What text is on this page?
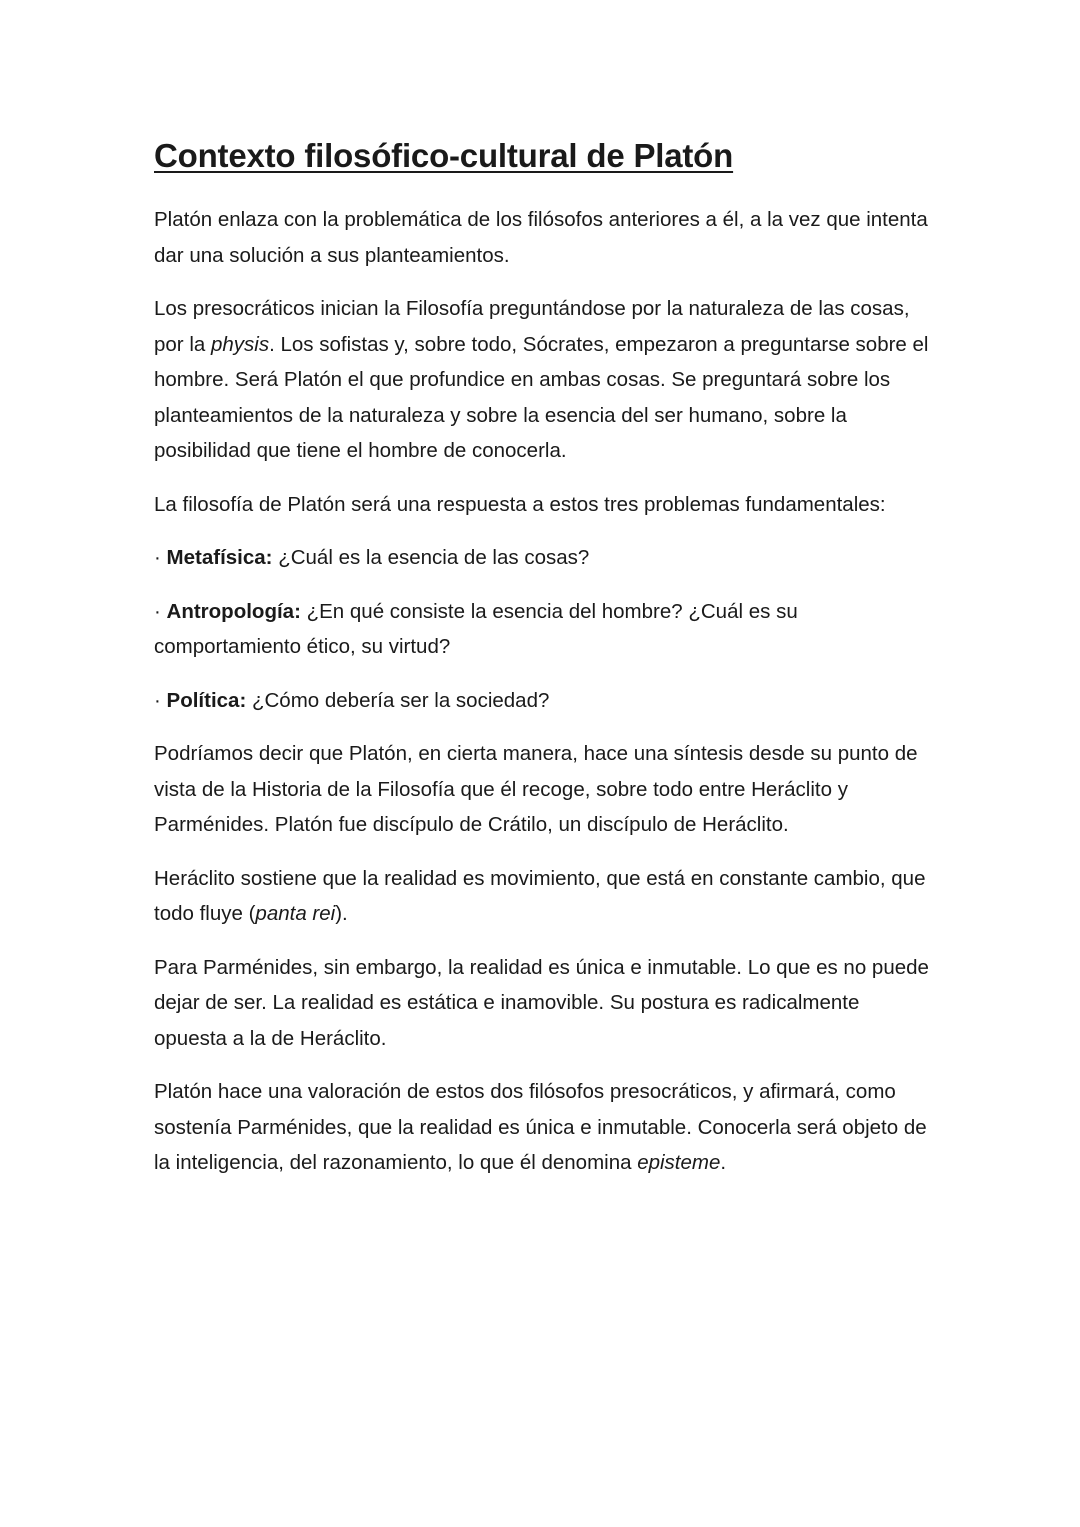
Contexto filosófico-cultural de Platón

Platón enlaza con la problemática de los filósofos anteriores a él, a la vez que intenta dar una solución a sus planteamientos.

Los presocráticos inician la Filosofía preguntándose por la naturaleza de las cosas, por la physis. Los sofistas y, sobre todo, Sócrates, empezaron a preguntarse sobre el hombre. Será Platón el que profundice en ambas cosas. Se preguntará sobre los planteamientos de la naturaleza y sobre la esencia del ser humano, sobre la posibilidad que tiene el hombre de conocerla.

La filosofía de Platón será una respuesta a estos tres problemas fundamentales:

· Metafísica: ¿Cuál es la esencia de las cosas?

· Antropología: ¿En qué consiste la esencia del hombre? ¿Cuál es su comportamiento ético, su virtud?

· Política: ¿Cómo debería ser la sociedad?

Podríamos decir que Platón, en cierta manera, hace una síntesis desde su punto de vista de la Historia de la Filosofía que él recoge, sobre todo entre Heráclito y Parménides. Platón fue discípulo de Crátilo, un discípulo de Heráclito.

Heráclito sostiene que la realidad es movimiento, que está en constante cambio, que todo fluye (panta rei).

Para Parménides, sin embargo, la realidad es única e inmutable. Lo que es no puede dejar de ser. La realidad es estática e inamovible. Su postura es radicalmente opuesta a la de Heráclito.

Platón hace una valoración de estos dos filósofos presocráticos, y afirmará, como sostenía Parménides, que la realidad es única e inmutable. Conocerla será objeto de la inteligencia, del razonamiento, lo que él denomina episteme.
